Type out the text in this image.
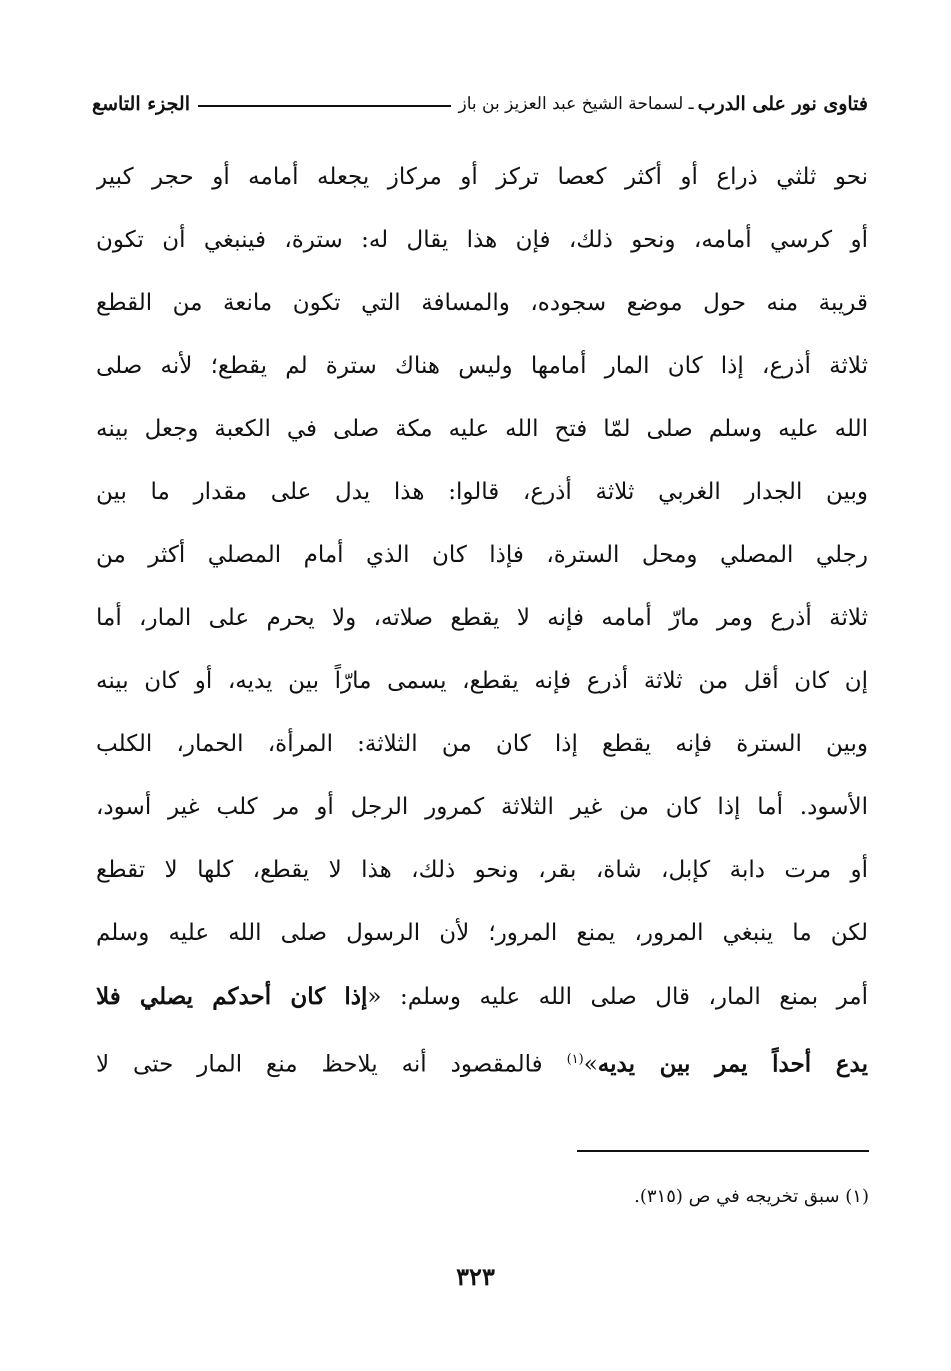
فتاوى نور على الدرب
ـ لسماحة الشيخ عبد العزيز بن باز
الجزء التاسع
نحو ثلثي ذراع أو أكثر كعصا تركز أو مركاز يجعله أمامه أو حجر كبير
أو كرسي أمامه، ونحو ذلك، فإن هذا يقال له: سترة، فينبغي أن تكون
قريبة منه حول موضع سجوده، والمسافة التي تكون مانعة من القطع
ثلاثة أذرع، إذا كان المار أمامها وليس هناك سترة لم يقطع؛ لأنه صلى
الله عليه وسلم صلى لمّا فتح الله عليه مكة صلى في الكعبة وجعل بينه
وبين الجدار الغربي ثلاثة أذرع، قالوا: هذا يدل على مقدار ما بين
رجلي المصلي ومحل السترة، فإذا كان الذي أمام المصلي أكثر من
ثلاثة أذرع ومر مارّ أمامه فإنه لا يقطع صلاته، ولا يحرم على المار، أما
إن كان أقل من ثلاثة أذرع فإنه يقطع، يسمى مارّاً بين يديه، أو كان بينه
وبين السترة فإنه يقطع إذا كان من الثلاثة: المرأة، الحمار، الكلب
الأسود. أما إذا كان من غير الثلاثة كمرور الرجل أو مر كلب غير أسود،
أو مرت دابة كإبل، شاة، بقر، ونحو ذلك، هذا لا يقطع، كلها لا تقطع
لكن ما ينبغي المرور، يمنع المرور؛ لأن الرسول صلى الله عليه وسلم
أمر بمنع المار، قال صلى الله عليه وسلم: «إذا كان أحدكم يصلي فلا
يدع أحداً يمر بين يديه»$^{(١)}$ فالمقصود أنه يلاحظ منع المار حتى لا
(١) سبق تخريجه في ص (٣١٥).
٣٢٣
